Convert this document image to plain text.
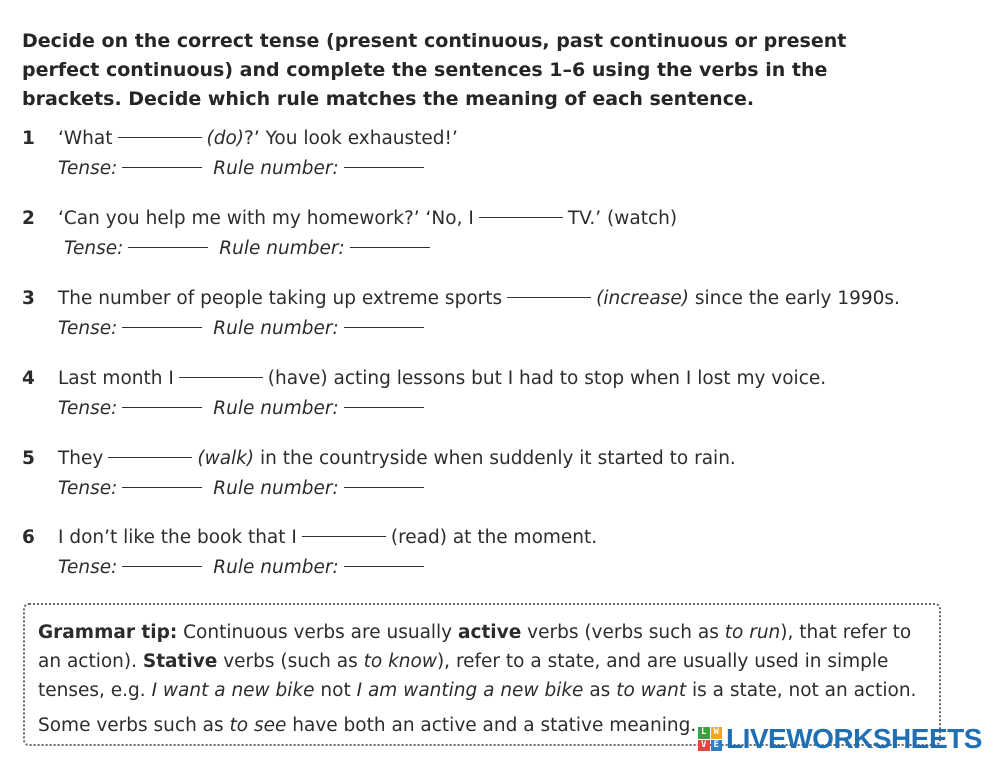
Decide on the correct tense (present continuous, past continuous or present perfect continuous) and complete the sentences 1–6 using the verbs in the brackets. Decide which rule matches the meaning of each sentence.
1 ‘What	(do)?’ You look exhausted!’
Tense:	Rule number:
2 ‘Can you help me with my homework?’ ‘No, I	TV.’ (watch)
Tense:	Rule number:
3 The number of people taking up extreme sports	(increase) since the early 1990s.
Tense:	Rule number:
4 Last month I	(have) acting lessons but I had to stop when I lost my voice.
Tense:	Rule number:
5 They	(walk) in the countryside when suddenly it started to rain.
Tense:	Rule number:
6 I don’t like the book that I	(read) at the moment.
Tense:	Rule number:
Grammar tip: Continuous verbs are usually active verbs (verbs such as to run), that refer to an action). Stative verbs (such as to know), refer to a state, and are usually used in simple tenses, e.g. I want a new bike not I am wanting a new bike as to want is a state, not an action.
Some verbs such as to see have both an active and a stative meaning. L W
V E LIVEWORKSHEETS
